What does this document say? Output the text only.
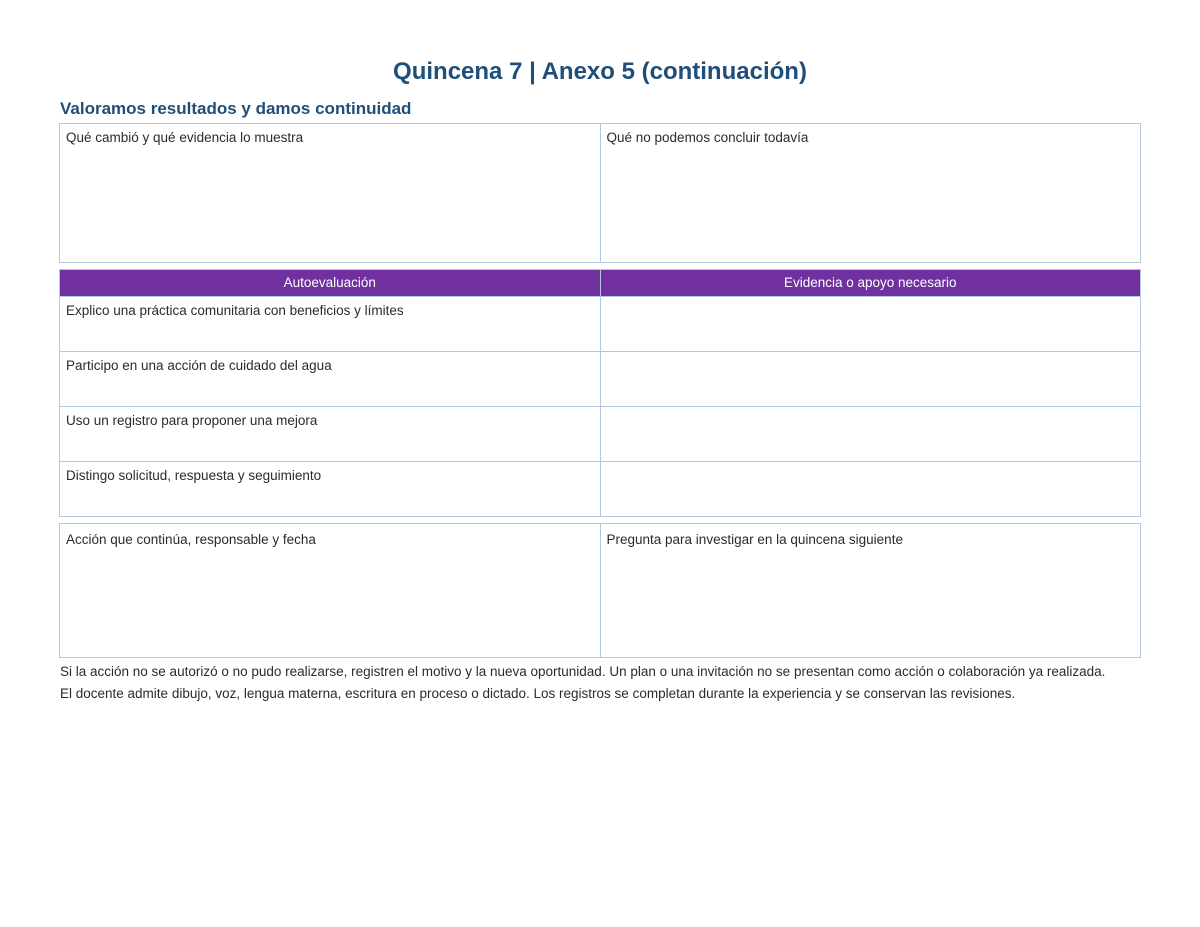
Quincena 7 | Anexo 5 (continuación)
Valoramos resultados y damos continuidad
Qué cambió y qué evidencia lo muestra	Qué no podemos concluir todavía
Autoevaluación	Evidencia o apoyo necesario
Explico una práctica comunitaria con beneficios y límites	
Participo en una acción de cuidado del agua	
Uso un registro para proponer una mejora	
Distingo solicitud, respuesta y seguimiento	
Acción que continúa, responsable y fecha	Pregunta para investigar en la quincena siguiente

Si la acción no se autorizó o no pudo realizarse, registren el motivo y la nueva oportunidad. Un plan o una invitación no se presentan como acción o colaboración ya realizada.

El docente admite dibujo, voz, lengua materna, escritura en proceso o dictado. Los registros se completan durante la experiencia y se conservan las revisiones.
